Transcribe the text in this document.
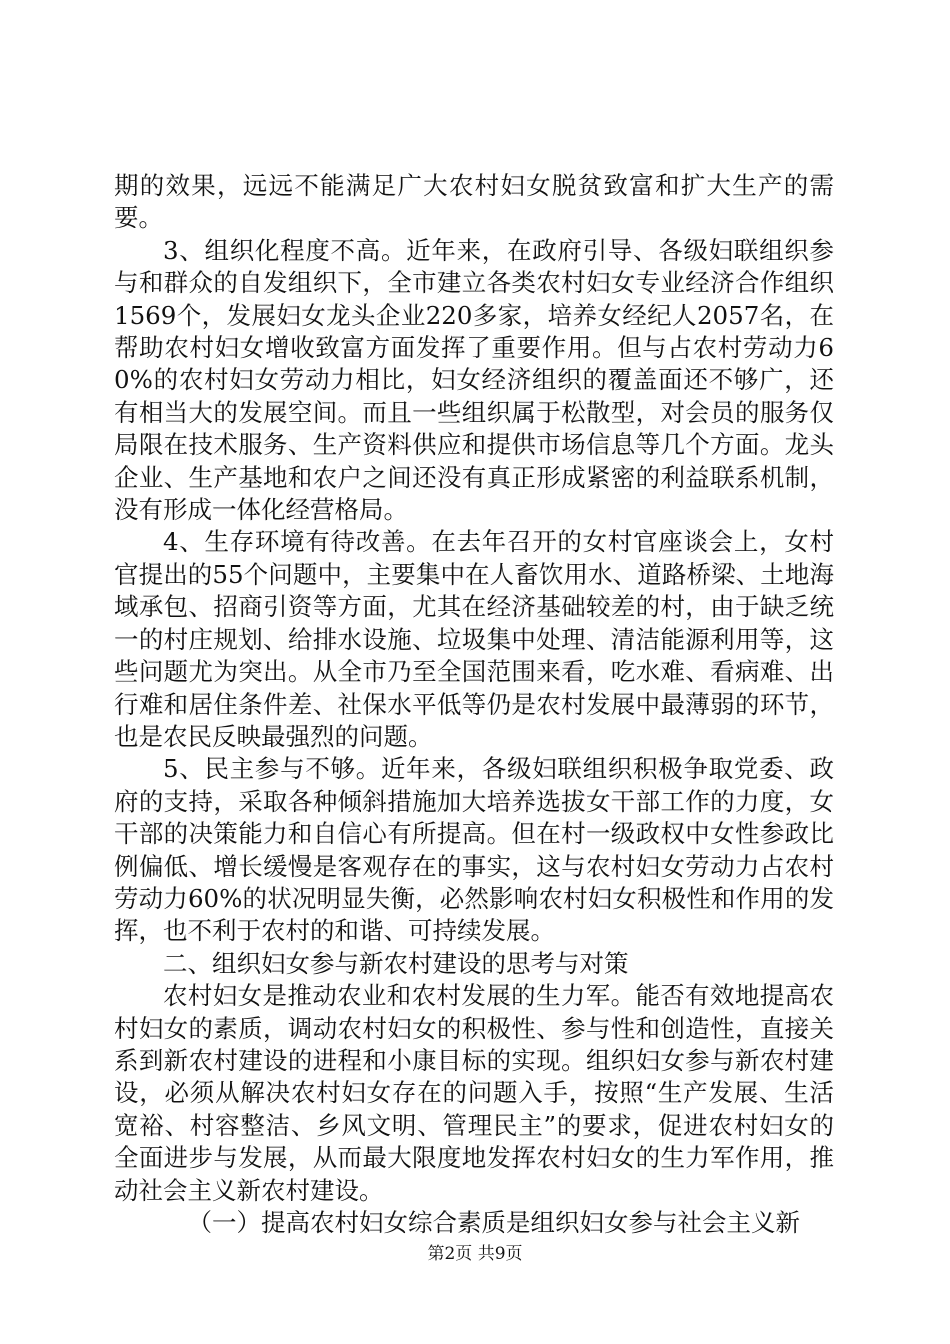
期的效果，远远不能满足广大农村妇女脱贫致富和扩大生产的需要。

3、组织化程度不高。近年来，在政府引导、各级妇联组织参与和群众的自发组织下，全市建立各类农村妇女专业经济合作组织1569个，发展妇女龙头企业220多家，培养女经纪人2057名，在帮助农村妇女增收致富方面发挥了重要作用。但与占农村劳动力60%的农村妇女劳动力相比，妇女经济组织的覆盖面还不够广，还有相当大的发展空间。而且一些组织属于松散型，对会员的服务仅局限在技术服务、生产资料供应和提供市场信息等几个方面。龙头企业、生产基地和农户之间还没有真正形成紧密的利益联系机制，没有形成一体化经营格局。

4、生存环境有待改善。在去年召开的女村官座谈会上，女村官提出的55个问题中，主要集中在人畜饮用水、道路桥梁、土地海域承包、招商引资等方面，尤其在经济基础较差的村，由于缺乏统一的村庄规划、给排水设施、垃圾集中处理、清洁能源利用等，这些问题尤为突出。从全市乃至全国范围来看，吃水难、看病难、出行难和居住条件差、社保水平低等仍是农村发展中最薄弱的环节，也是农民反映最强烈的问题。

5、民主参与不够。近年来，各级妇联组织积极争取党委、政府的支持，采取各种倾斜措施加大培养选拔女干部工作的力度，女干部的决策能力和自信心有所提高。但在村一级政权中女性参政比例偏低、增长缓慢是客观存在的事实，这与农村妇女劳动力占农村劳动力60%的状况明显失衡，必然影响农村妇女积极性和作用的发挥，也不利于农村的和谐、可持续发展。

二、组织妇女参与新农村建设的思考与对策

农村妇女是推动农业和农村发展的生力军。能否有效地提高农村妇女的素质，调动农村妇女的积极性、参与性和创造性，直接关系到新农村建设的进程和小康目标的实现。组织妇女参与新农村建设，必须从解决农村妇女存在的问题入手，按照“生产发展、生活宽裕、村容整洁、乡风文明、管理民主”的要求，促进农村妇女的全面进步与发展，从而最大限度地发挥农村妇女的生力军作用，推动社会主义新农村建设。

（一）提高农村妇女综合素质是组织妇女参与社会主义新

第2页 共9页
